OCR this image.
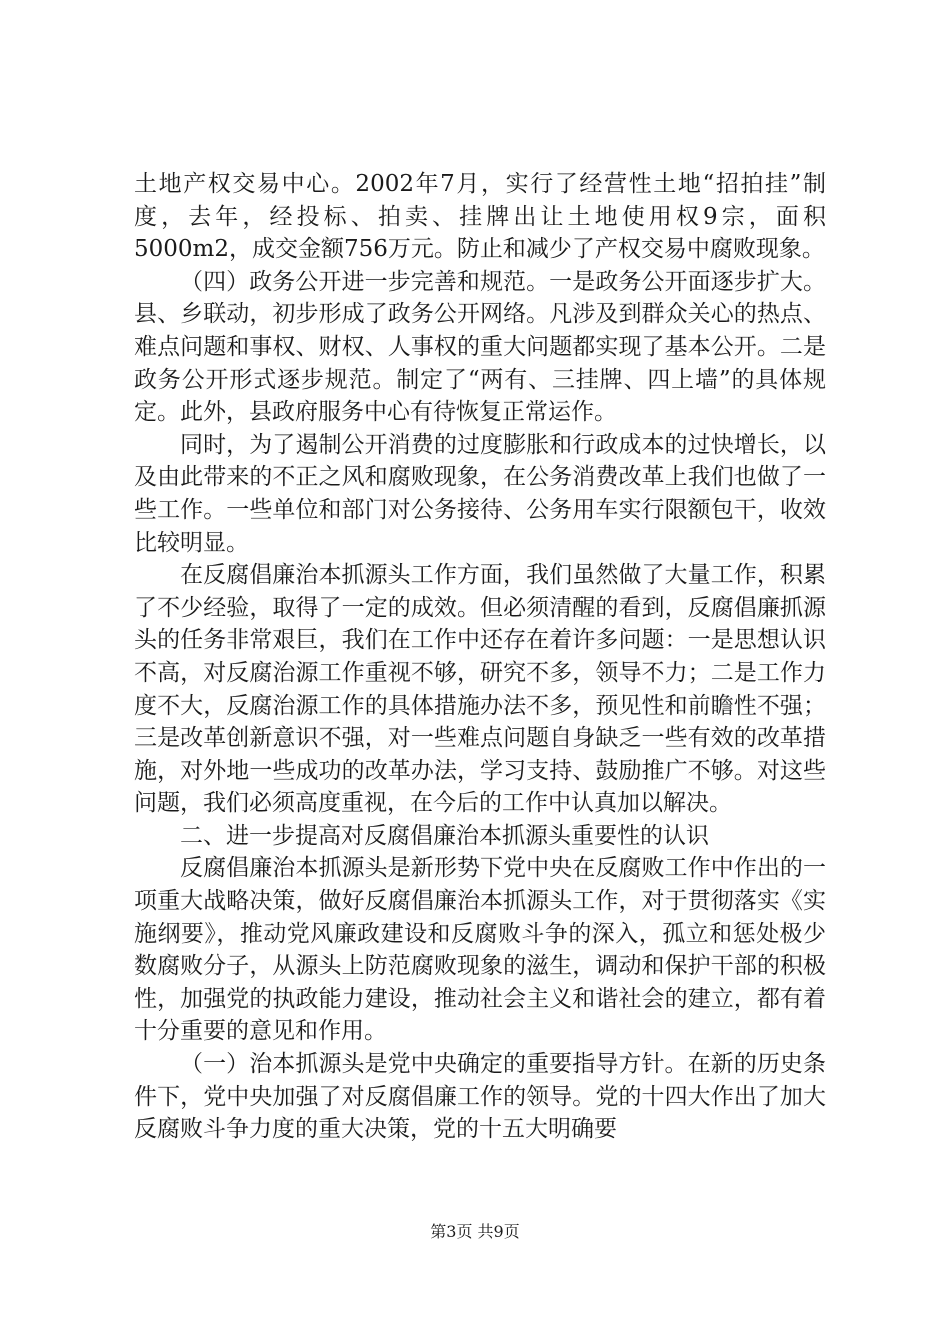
土地产权交易中心。2002年7月，实行了经营性土地“招拍挂”制度，去年，经投标、拍卖、挂牌出让土地使用权9宗，面积5000m2，成交金额756万元。防止和减少了产权交易中腐败现象。

（四）政务公开进一步完善和规范。一是政务公开面逐步扩大。县、乡联动，初步形成了政务公开网络。凡涉及到群众关心的热点、难点问题和事权、财权、人事权的重大问题都实现了基本公开。二是政务公开形式逐步规范。制定了“两有、三挂牌、四上墙”的具体规定。此外，县政府服务中心有待恢复正常运作。

同时，为了遏制公开消费的过度膨胀和行政成本的过快增长，以及由此带来的不正之风和腐败现象，在公务消费改革上我们也做了一些工作。一些单位和部门对公务接待、公务用车实行限额包干，收效比较明显。

在反腐倡廉治本抓源头工作方面，我们虽然做了大量工作，积累了不少经验，取得了一定的成效。但必须清醒的看到，反腐倡廉抓源头的任务非常艰巨，我们在工作中还存在着许多问题：一是思想认识不高，对反腐治源工作重视不够，研究不多，领导不力；二是工作力度不大，反腐治源工作的具体措施办法不多，预见性和前瞻性不强；三是改革创新意识不强，对一些难点问题自身缺乏一些有效的改革措施，对外地一些成功的改革办法，学习支持、鼓励推广不够。对这些问题，我们必须高度重视，在今后的工作中认真加以解决。

二、进一步提高对反腐倡廉治本抓源头重要性的认识

反腐倡廉治本抓源头是新形势下党中央在反腐败工作中作出的一项重大战略决策，做好反腐倡廉治本抓源头工作，对于贯彻落实《实施纲要》，推动党风廉政建设和反腐败斗争的深入，孤立和惩处极少数腐败分子，从源头上防范腐败现象的滋生，调动和保护干部的积极性，加强党的执政能力建设，推动社会主义和谐社会的建立，都有着十分重要的意见和作用。

（一）治本抓源头是党中央确定的重要指导方针。在新的历史条件下，党中央加强了对反腐倡廉工作的领导。党的十四大作出了加大反腐败斗争力度的重大决策，党的十五大明确要

第3页 共9页
